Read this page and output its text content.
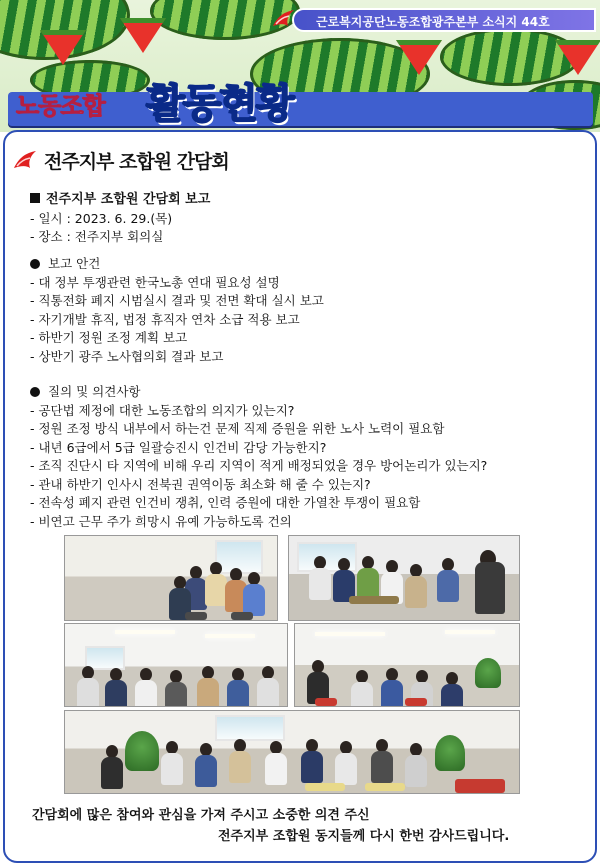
근로복지공단노동조합광주본부 소식지 44호
노동조합 활동현황
전주지부 조합원 간담회
전주지부 조합원 간담회 보고
- 일시 : 2023. 6. 29.(목)
- 장소 : 전주지부 회의실
보고 안건
- 대 정부 투쟁관련 한국노총 연대 필요성 설명
- 직통전화 폐지 시범실시 결과 및 전면 확대 실시 보고
- 자기개발 휴직, 법정 휴직자 연차 소급 적용 보고
- 하반기 정원 조정 계획 보고
- 상반기 광주 노사협의회 결과 보고
질의 및 의견사항
- 공단법 제정에 대한 노동조합의 의지가 있는지?
- 정원 조정 방식 내부에서 하는건 문제 직제 증원을 위한 노사 노력이 필요함
- 내년 6급에서 5급 일괄승진시 인건비 감당 가능한지?
- 조직 진단시 타 지역에 비해 우리 지역이 적게 배정되었을 경우 방어논리가 있는지?
- 관내 하반기 인사시 전북권 권역이동 최소화 해 줄 수 있는지?
- 전속성 폐지 관련 인건비 쟁취, 인력 증원에 대한 가열찬 투쟁이 필요함
- 비연고 근무 주가 희망시 유예 가능하도록 건의
간담회에 많은 참여와 관심을 가져 주시고 소중한 의견 주신
전주지부 조합원 동지들께 다시 한번 감사드립니다.
